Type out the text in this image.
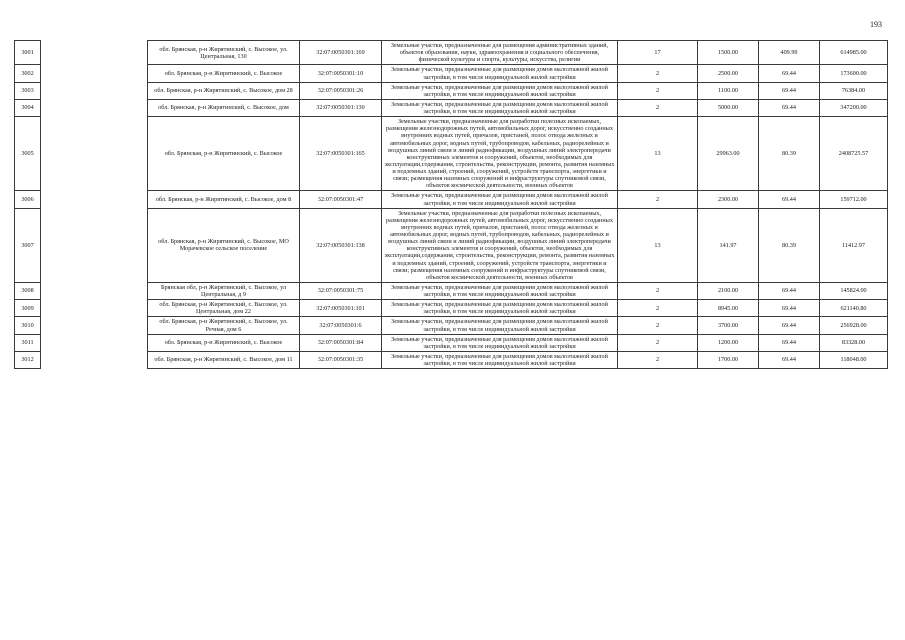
193
3001		обл. Брянская, р-н Жирятинский, с. Высокое, ул. Центральная, 130	32:07:0050301:169	Земельные участки, предназначенные для размещения административных зданий, объектов образования, науки, здравоохранения и социального обеспечения, физической культуры и спорта, культуры, искусства, религии	17	1500.00	409.99	614985.00
3002		обл. Брянская, р-н Жирятинский, с. Высокое	32:07:0050301:10	Земельные участки, предназначенные для размещения домов малоэтажной жилой застройки, в том числе индивидуальной жилой застройки	2	2500.00	69.44	173600.00
3003		обл. Брянская, р-н Жирятинский, с. Высокое, дом 28	32:07:0050301:26	Земельные участки, предназначенные для размещения домов малоэтажной жилой застройки, в том числе индивидуальной жилой застройки	2	1100.00	69.44	76384.00
3004		обл. Брянская, р-н Жирятинский, с. Высокое, дом	32:07:0050301:130	Земельные участки, предназначенные для размещения домов малоэтажной жилой застройки, в том числе индивидуальной жилой застройки	2	5000.00	69.44	347200.00
3005		обл. Брянская, р-н Жирятинский, с. Высокое	32:07:0050301:165	Земельные участки, предназначенные для разработки полезных ископаемых, размещения железнодорожных путей, автомобильных дорог, искусственно созданных внутренних водных путей, причалов, пристаней, полос отвода железных и автомобильных дорог, водных путей, трубопроводов, кабельных, радиорелейных и воздушных линий связи и линий радиофикации, воздушных линий электропередачи конструктивных элементов и сооружений, объектов, необходимых для эксплуатации,содержания, строительства, реконструкции, ремонта, развития наземных и подземных зданий, строений, сооружений, устройств транспорта, энергетики и связи; размещения наземных сооружений и инфраструктуры спутниковой связи, объектов космической деятельности, военных объектов	13	29963.00	80.39	2408725.57
3006		обл. Брянская, р-н Жирятинский, с. Высокое, дом 8	32:07:0050301:47	Земельные участки, предназначенные для размещения домов малоэтажной жилой застройки, в том числе индивидуальной жилой застройки	2	2300.00	69.44	159712.00
3007		обл. Брянская, р-н Жирятинский, с. Высокое, МО Морачевское сельское поселение	32:07:0050301:138	Земельные участки, предназначенные для разработки полезных ископаемых, размещения железнодорожных путей, автомобильных дорог, искусственно созданных внутренних водных путей, причалов, пристаней, полос отвода железных и автомобильных дорог, водных путей, трубопроводов, кабельных, радиорелейных и воздушных линий связи и линий радиофикации, воздушных линий электропередачи конструктивных элементов и сооружений, объектов, необходимых для эксплуатации,содержания, строительства, реконструкции, ремонта, развития наземных и подземных зданий, строений, сооружений, устройств транспорта, энергетики и связи; размещения наземных сооружений и инфраструктуры спутниковой связи, объектов космической деятельности, военных объектов	13	141.97	80.39	11412.97
3008		Брянская обл, р-н Жирятинский, с. Высокое, ул Центральная, д 9	32:07:0050301:75	Земельные участки, предназначенные для размещения домов малоэтажной жилой застройки, в том числе индивидуальной жилой застройки	2	2100.00	69.44	145824.00
3009		обл. Брянская, р-н Жирятинский, с. Высокое, ул. Центральная, дом 22	32:07:0050301:101	Земельные участки, предназначенные для размещения домов малоэтажной жилой застройки, в том числе индивидуальной жилой застройки	2	8945.00	69.44	621140.80
3010		обл. Брянская, р-н Жирятинский, с. Высокое, ул. Речная, дом 6	32:07:0050301:6	Земельные участки, предназначенные для размещения домов малоэтажной жилой застройки, в том числе индивидуальной жилой застройки	2	3700.00	69.44	256928.00
3011		обл. Брянская, р-н Жирятинский, с. Высокое	32:07:0050301:84	Земельные участки, предназначенные для размещения домов малоэтажной жилой застройки, в том числе индивидуальной жилой застройки	2	1200.00	69.44	83328.00
3012		обл. Брянская, р-н Жирятинский, с. Высокое, дом 11	32:07:0050301:35	Земельные участки, предназначенные для размещения домов малоэтажной жилой застройки, в том числе индивидуальной жилой застройки	2	1700.00	69.44	118048.00
